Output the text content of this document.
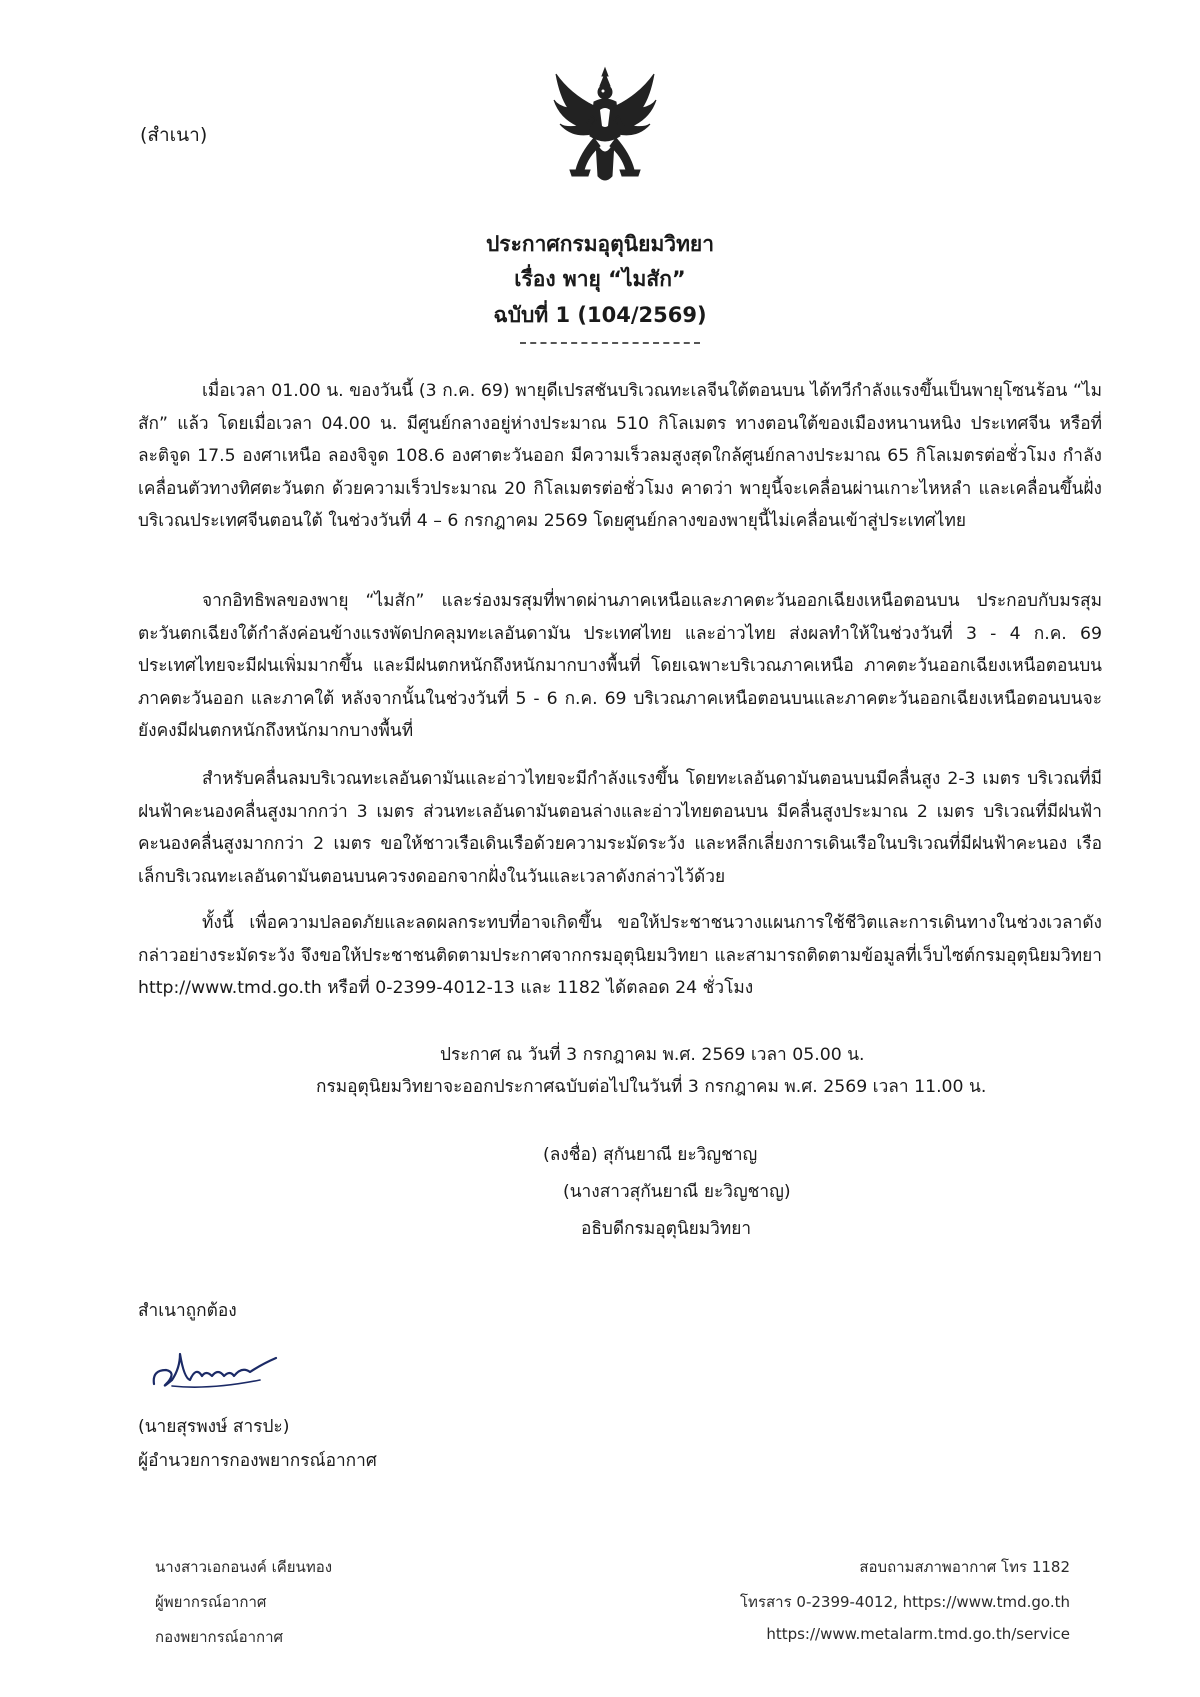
(สำเนา)
ประกาศกรมอุตุนิยมวิทยา
เรื่อง พายุ “ไมสัก”
ฉบับที่ 1 (104/2569)

เมื่อเวลา 01.00 น. ของวันนี้ (3 ก.ค. 69) พายุดีเปรสชันบริเวณทะเลจีนใต้ตอนบน ได้ทวีกำลังแรงขึ้นเป็นพายุโซนร้อน “ไมสัก” แล้ว โดยเมื่อเวลา 04.00 น. มีศูนย์กลางอยู่ห่างประมาณ 510 กิโลเมตร ทางตอนใต้ของเมืองหนานหนิง ประเทศจีน หรือที่ละติจูด 17.5 องศาเหนือ ลองจิจูด 108.6 องศาตะวันออก มีความเร็วลมสูงสุดใกล้ศูนย์กลางประมาณ 65 กิโลเมตรต่อชั่วโมง กำลังเคลื่อนตัวทางทิศตะวันตก ด้วยความเร็วประมาณ 20 กิโลเมตรต่อชั่วโมง คาดว่า พายุนี้จะเคลื่อนผ่านเกาะไหหลำ และเคลื่อนขึ้นฝั่งบริเวณประเทศจีนตอนใต้ ในช่วงวันที่ 4 – 6 กรกฎาคม 2569 โดยศูนย์กลางของพายุนี้ไม่เคลื่อนเข้าสู่ประเทศไทย

จากอิทธิพลของพายุ “ไมสัก” และร่องมรสุมที่พาดผ่านภาคเหนือและภาคตะวันออกเฉียงเหนือตอนบน ประกอบกับมรสุมตะวันตกเฉียงใต้กำลังค่อนข้างแรงพัดปกคลุมทะเลอันดามัน ประเทศไทย และอ่าวไทย ส่งผลทำให้ในช่วงวันที่ 3 - 4 ก.ค. 69 ประเทศไทยจะมีฝนเพิ่มมากขึ้น และมีฝนตกหนักถึงหนักมากบางพื้นที่ โดยเฉพาะบริเวณภาคเหนือ ภาคตะวันออกเฉียงเหนือตอนบน ภาคตะวันออก และภาคใต้ หลังจากนั้นในช่วงวันที่ 5 - 6 ก.ค. 69 บริเวณภาคเหนือตอนบนและภาคตะวันออกเฉียงเหนือตอนบนจะยังคงมีฝนตกหนักถึงหนักมากบางพื้นที่

สำหรับคลื่นลมบริเวณทะเลอันดามันและอ่าวไทยจะมีกำลังแรงขึ้น โดยทะเลอันดามันตอนบนมีคลื่นสูง 2-3 เมตร บริเวณที่มีฝนฟ้าคะนองคลื่นสูงมากกว่า 3 เมตร ส่วนทะเลอันดามันตอนล่างและอ่าวไทยตอนบน มีคลื่นสูงประมาณ 2 เมตร บริเวณที่มีฝนฟ้าคะนองคลื่นสูงมากกว่า 2 เมตร ขอให้ชาวเรือเดินเรือด้วยความระมัดระวัง และหลีกเลี่ยงการเดินเรือในบริเวณที่มีฝนฟ้าคะนอง เรือเล็กบริเวณทะเลอันดามันตอนบนควรงดออกจากฝั่งในวันและเวลาดังกล่าวไว้ด้วย

ทั้งนี้ เพื่อความปลอดภัยและลดผลกระทบที่อาจเกิดขึ้น ขอให้ประชาชนวางแผนการใช้ชีวิตและการเดินทางในช่วงเวลาดังกล่าวอย่างระมัดระวัง จึงขอให้ประชาชนติดตามประกาศจากกรมอุตุนิยมวิทยา และสามารถติดตามข้อมูลที่เว็บไซต์กรมอุตุนิยมวิทยา http://www.tmd.go.th หรือที่ 0-2399-4012-13 และ 1182 ได้ตลอด 24 ชั่วโมง

ประกาศ ณ วันที่ 3 กรกฎาคม พ.ศ. 2569 เวลา 05.00 น.
กรมอุตุนิยมวิทยาจะออกประกาศฉบับต่อไปในวันที่ 3 กรกฎาคม พ.ศ. 2569 เวลา 11.00 น.
(ลงชื่อ) สุกันยาณี ยะวิญชาญ
(นางสาวสุกันยาณี ยะวิญชาญ)
อธิบดีกรมอุตุนิยมวิทยา
สำเนาถูกต้อง
(นายสุรพงษ์ สารปะ)
ผู้อำนวยการกองพยากรณ์อากาศ
นางสาวเอกอนงค์ เคียนทอง
ผู้พยากรณ์อากาศ
กองพยากรณ์อากาศ
สอบถามสภาพอากาศ โทร 1182
โทรสาร 0-2399-4012, https://www.tmd.go.th
https://www.metalarm.tmd.go.th/service
